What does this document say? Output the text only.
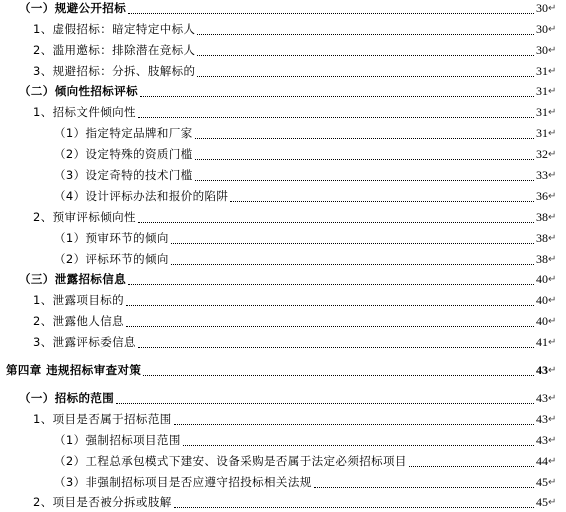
（一）规避公开招标	30 ↵
1、虚假招标：暗定特定中标人	30 ↵
2、滥用邀标：排除潜在竞标人	30 ↵
3、规避招标：分拆、肢解标的	31 ↵
（二）倾向性招标评标	31 ↵
1、招标文件倾向性	31 ↵
（1）指定特定品牌和厂家	31 ↵
（2）设定特殊的资质门槛	32 ↵
（3）设定奇特的技术门槛	33 ↵
（4）设计评标办法和报价的陷阱	36 ↵
2、预审评标倾向性	38 ↵
（1）预审环节的倾向	38 ↵
（2）评标环节的倾向	38 ↵
（三）泄露招标信息	40 ↵
1、泄露项目标的	40 ↵
2、泄露他人信息	40 ↵
3、泄露评标委信息	41 ↵
第四章 违规招标审查对策	43 ↵
（一）招标的范围	43 ↵
1、项目是否属于招标范围	43 ↵
（1）强制招标项目范围	43 ↵
（2）工程总承包模式下建安、设备采购是否属于法定必须招标项目	44 ↵
（3）非强制招标项目是否应遵守招投标相关法规	45 ↵
2、项目是否被分拆或肢解	45 ↵
